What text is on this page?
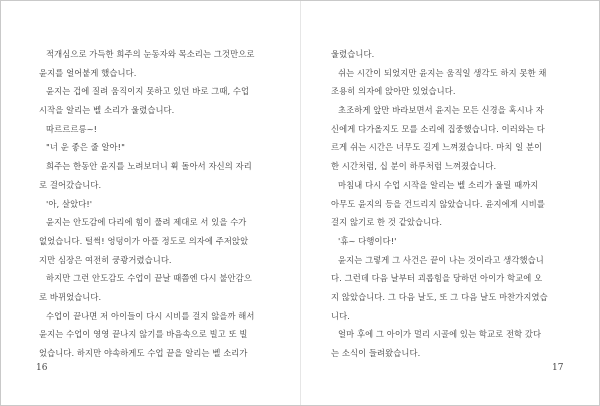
적개심으로 가득한 희주의 눈동자와 목소리는 그것만으로
윤지를 얼어붙게 했습니다.
윤지는 겁에 질려 움직이지 못하고 있던 바로 그때, 수업
시작을 알리는 벨 소리가 울렸습니다.
따르르르릉~!
"너 운 좋은 줄 알아!"
희주는 한동안 윤지를 노려보더니 휙 돌아서 자신의 자리
로 걸어갔습니다.
'아, 살았다!'
윤지는 안도감에 다리에 힘이 풀려 제대로 서 있을 수가
없었습니다. 털썩! 엉덩이가 아플 정도로 의자에 주저앉았
지만 심장은 여전히 쿵쾅거렸습니다.
하지만 그런 안도감도 수업이 끝날 때쯤엔 다시 불안감으
로 바뀌었습니다.
수업이 끝나면 저 아이들이 다시 시비를 걸지 않을까 해서
윤지는 수업이 영영 끝나지 않기를 바음속으로 빌고 또 빌
었습니다. 하지만 야속하게도 수업 끝을 알리는 벨 소리가
울렸습니다.
쉬는 시간이 되었지만 윤지는 움직일 생각도 하지 못한 채
조용히 의자에 앉아만 있었습니다.
초조하게 앞만 바라보면서 윤지는 모든 신경을 혹시나 자
신에게 다가올지도 모를 소리에 집중했습니다. 이러와는 다
르게 쉬는 시간은 너무도 길게 느껴졌습니다. 마치 일 분이
한 시간처럼, 십 분이 하루처럼 느껴졌습니다.
마침내 다시 수업 시작을 알리는 벨 소리가 울릴 때까지
아무도 윤지의 등을 건드리지 않았습니다. 윤지에게 시비를
걸지 않기로 한 것 같았습니다.
'휴~ 다행이다!'
윤지는 그렇게 그 사건은 끝이 나는 것이라고 생각했습니
다. 그런데 다음 날부터 괴롭힘을 당하던 아이가 학교에 오
지 않았습니다. 그 다음 날도, 또 그 다음 날도 마찬가지였습
니다.
얼마 후에 그 아이가 멀리 시골에 있는 학교로 전학 갔다
는 소식이 들려왔습니다.
16	17
